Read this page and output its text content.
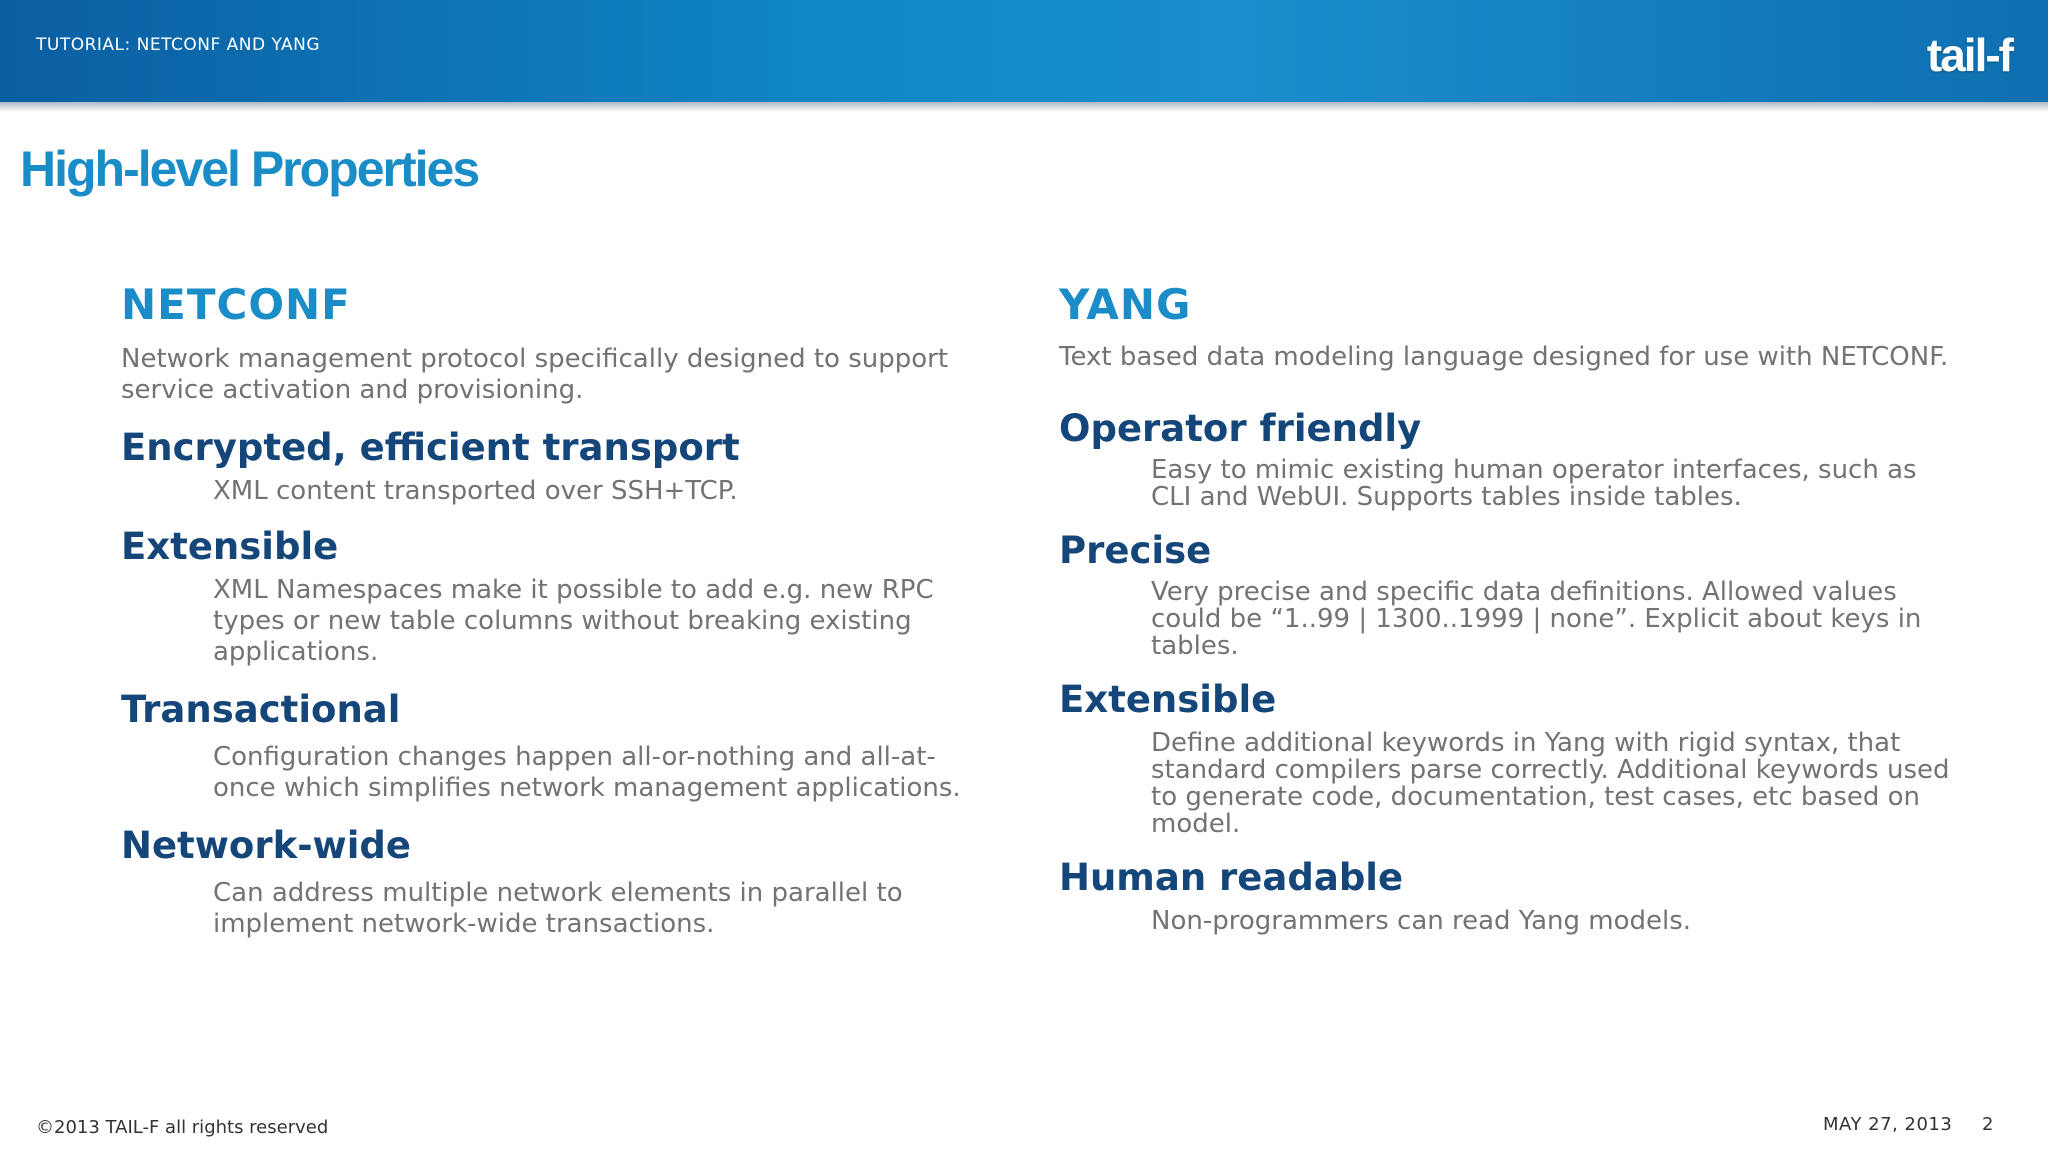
TUTORIAL: NETCONF AND YANG	tail-f
High-level Properties
NETCONF

Network management protocol specifically designed to support service activation and provisioning.

Encrypted, efficient transport

XML content transported over SSH+TCP.

Extensible

XML Namespaces make it possible to add e.g. new RPC types or new table columns without breaking existing applications.

Transactional

Configuration changes happen all-or-nothing and all-at-once which simplifies network management applications.

Network-wide

Can address multiple network elements in parallel to implement network-wide transactions.

YANG

Text based data modeling language designed for use with NETCONF.

Operator friendly

Easy to mimic existing human operator interfaces, such as CLI and WebUI. Supports tables inside tables.

Precise

Very precise and specific data definitions. Allowed values could be “1..99 | 1300..1999 | none”. Explicit about keys in tables.

Extensible

Define additional keywords in Yang with rigid syntax, that standard compilers parse correctly. Additional keywords used to generate code, documentation, test cases, etc based on model.

Human readable

Non-programmers can read Yang models.

©2013 TAIL-F all rights reserved	MAY 27, 2013 2
